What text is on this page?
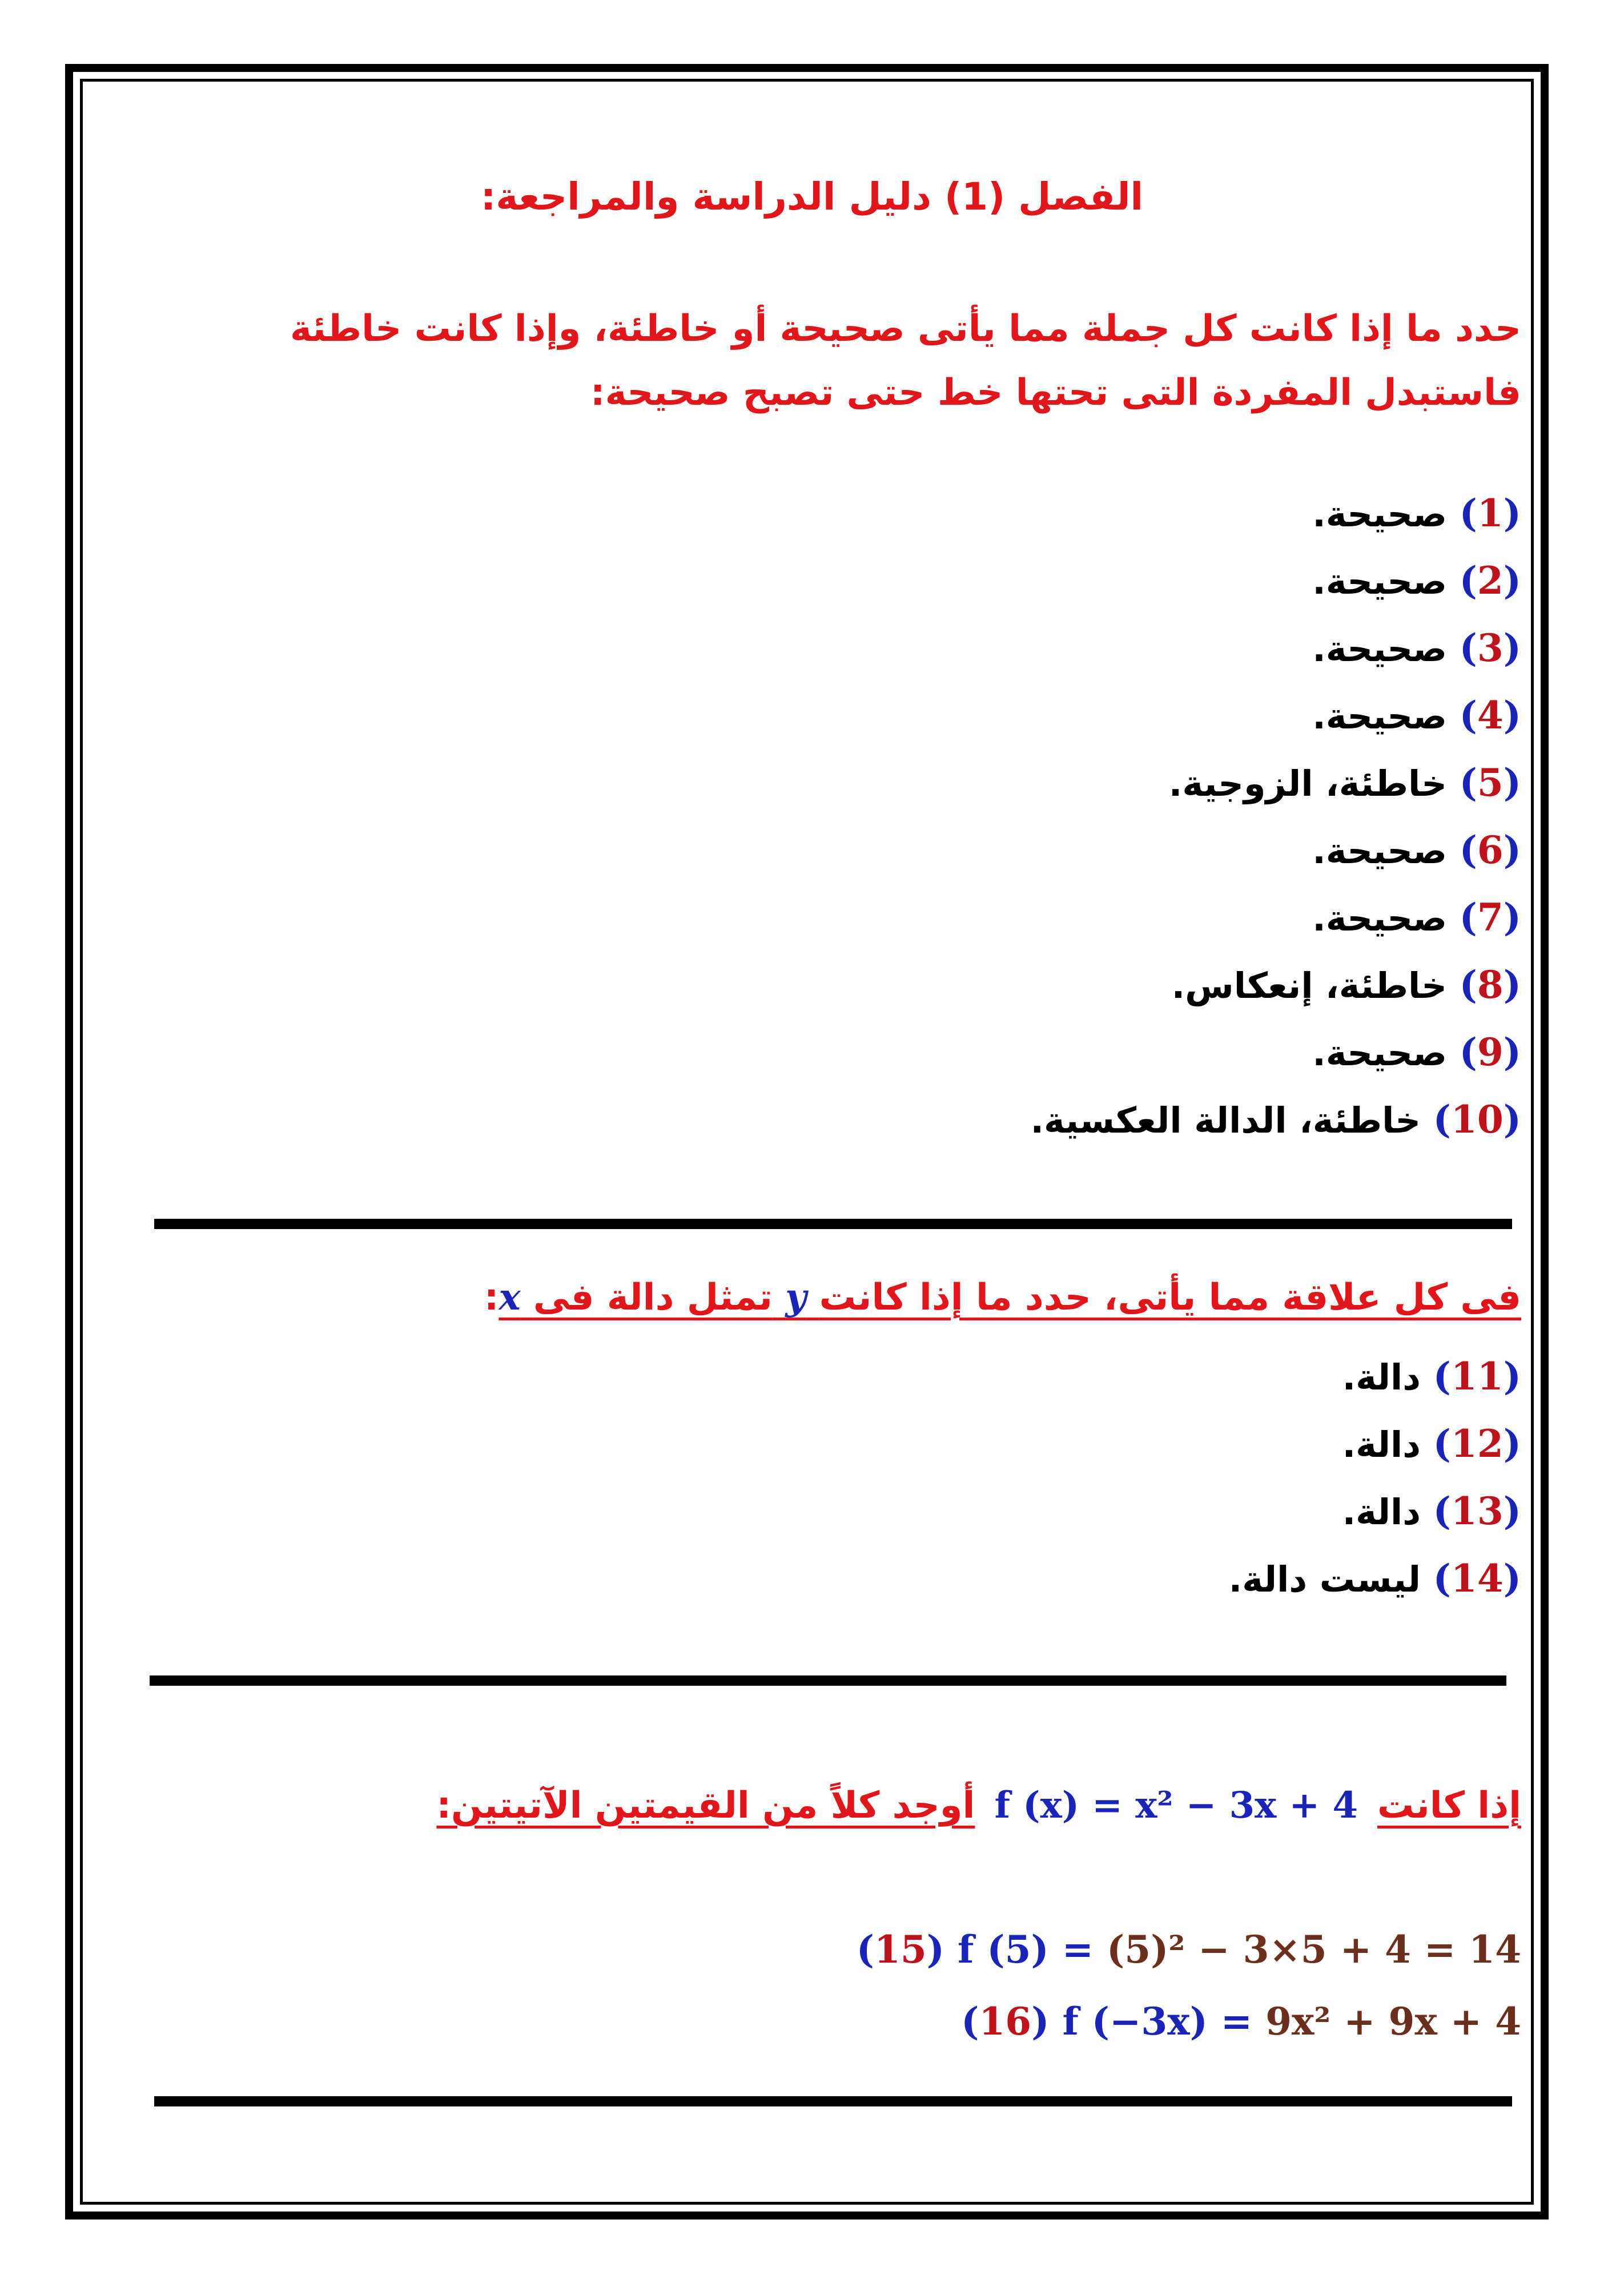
الفصل (1) دليل الدراسة والمراجعة:

حدد ما إذا كانت كل جملة مما يأتى صحيحة أو خاطئة، وإذا كانت خاطئة فاستبدل المفردة التى تحتها خط حتى تصبح صحيحة:

(1) صحيحة.
(2) صحيحة.
(3) صحيحة.
(4) صحيحة.
(5) خاطئة، الزوجية.
(6) صحيحة.
(7) صحيحة.
(8) خاطئة، إنعكاس.
(9) صحيحة.
(10) خاطئة، الدالة العكسية.

فى كل علاقة مما يأتى، حدد ما إذا كانت y تمثل دالة فى x:

(11) دالة.
(12) دالة.
(13) دالة.
(14) ليست دالة.

إذا كانتf (x) = x² − 3x + 4أوجد كلاً من القيمتين الآتيتين:

(15) f (5) = (5)² − 3×5 + 4 = 14
(16) f (−3x) = 9x² + 9x + 4
